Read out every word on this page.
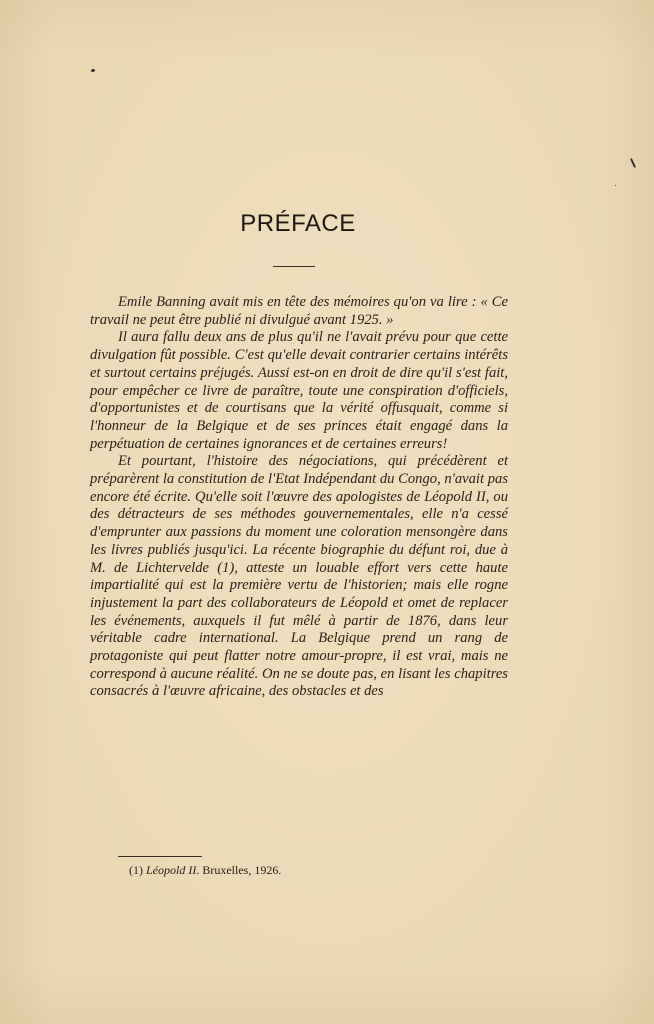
PRÉFACE

Emile Banning avait mis en tête des mémoires qu'on va lire : « Ce travail ne peut être publié ni divulgué avant 1925. »

Il aura fallu deux ans de plus qu'il ne l'avait prévu pour que cette divulgation fût possible. C'est qu'elle devait contrarier certains intérêts et surtout certains préjugés. Aussi est-on en droit de dire qu'il s'est fait, pour empêcher ce livre de paraître, toute une conspiration d'officiels, d'opportunistes et de courtisans que la vérité offusquait, comme si l'honneur de la Belgique et de ses princes était engagé dans la perpétuation de certaines ignorances et de certaines erreurs!

Et pourtant, l'histoire des négociations, qui précédèrent et préparèrent la constitution de l'Etat Indépendant du Congo, n'avait pas encore été écrite. Qu'elle soit l'œuvre des apologistes de Léopold II, ou des détracteurs de ses méthodes gouvernementales, elle n'a cessé d'emprunter aux passions du moment une coloration mensongère dans les livres publiés jusqu'ici. La récente biographie du défunt roi, due à M. de Lichtervelde (1), atteste un louable effort vers cette haute impartialité qui est la première vertu de l'historien; mais elle rogne injustement la part des collaborateurs de Léopold et omet de replacer les événements, auxquels il fut mêlé à partir de 1876, dans leur véritable cadre international. La Belgique prend un rang de protagoniste qui peut flatter notre amour-propre, il est vrai, mais ne correspond à aucune réalité. On ne se doute pas, en lisant les chapitres consacrés à l'œuvre africaine, des obstacles et des

(1) Léopold II. Bruxelles, 1926.
